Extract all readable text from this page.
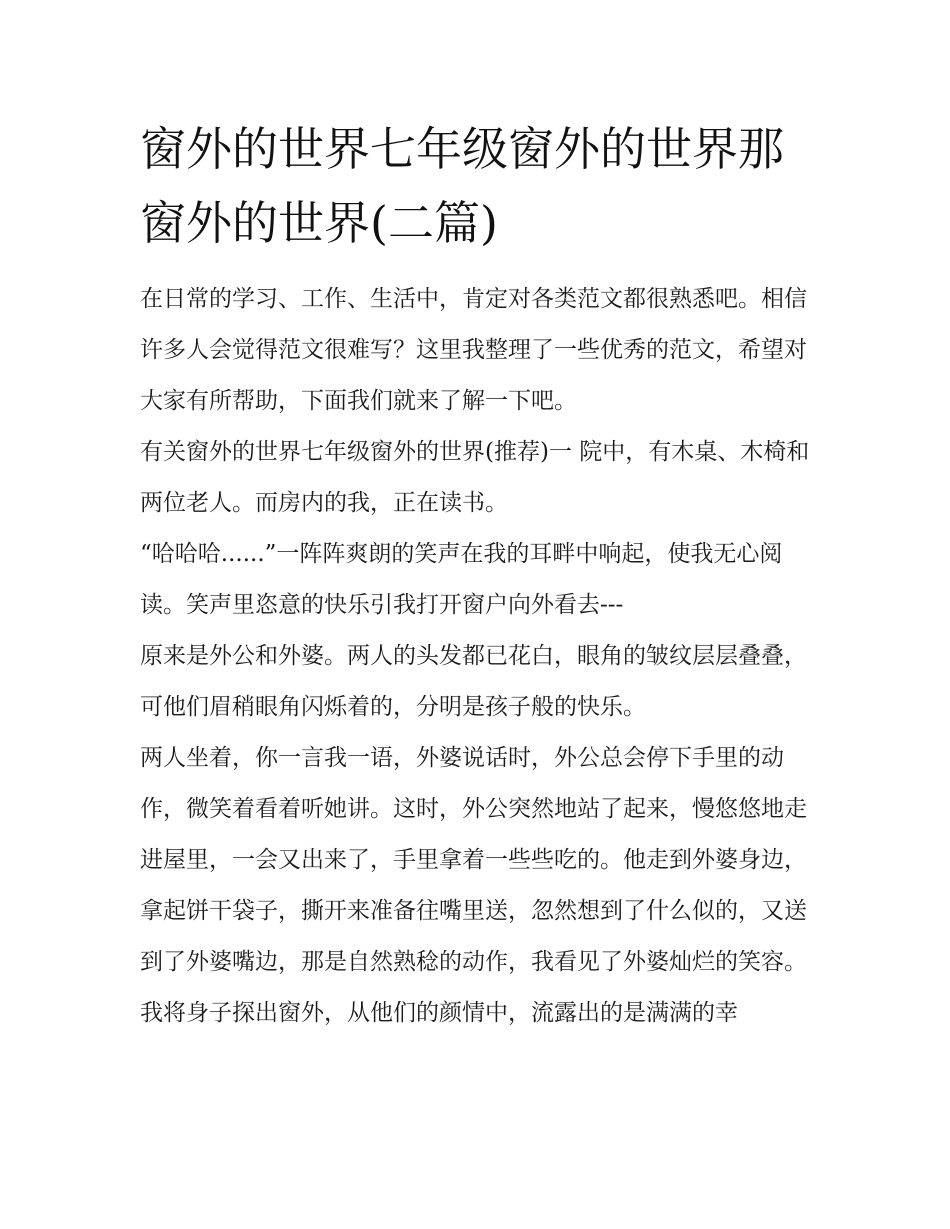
窗外的世界七年级窗外的世界那窗外的世界(二篇)

在日常的学习、工作、生活中，肯定对各类范文都很熟悉吧。相信许多人会觉得范文很难写？这里我整理了一些优秀的范文，希望对大家有所帮助，下面我们就来了解一下吧。

有关窗外的世界七年级窗外的世界(推荐)一 院中，有木桌、木椅和两位老人。而房内的我，正在读书。

“哈哈哈......”一阵阵爽朗的笑声在我的耳畔中响起，使我无心阅读。笑声里恣意的快乐引我打开窗户向外看去---

原来是外公和外婆。两人的头发都已花白，眼角的皱纹层层叠叠，可他们眉稍眼角闪烁着的，分明是孩子般的快乐。

两人坐着，你一言我一语，外婆说话时，外公总会停下手里的动作，微笑着看着听她讲。这时，外公突然地站了起来，慢悠悠地走进屋里，一会又出来了，手里拿着一些些吃的。他走到外婆身边，拿起饼干袋子，撕开来准备往嘴里送，忽然想到了什么似的，又送到了外婆嘴边，那是自然熟稔的动作，我看见了外婆灿烂的笑容。

我将身子探出窗外，从他们的颜情中，流露出的是满满的幸
